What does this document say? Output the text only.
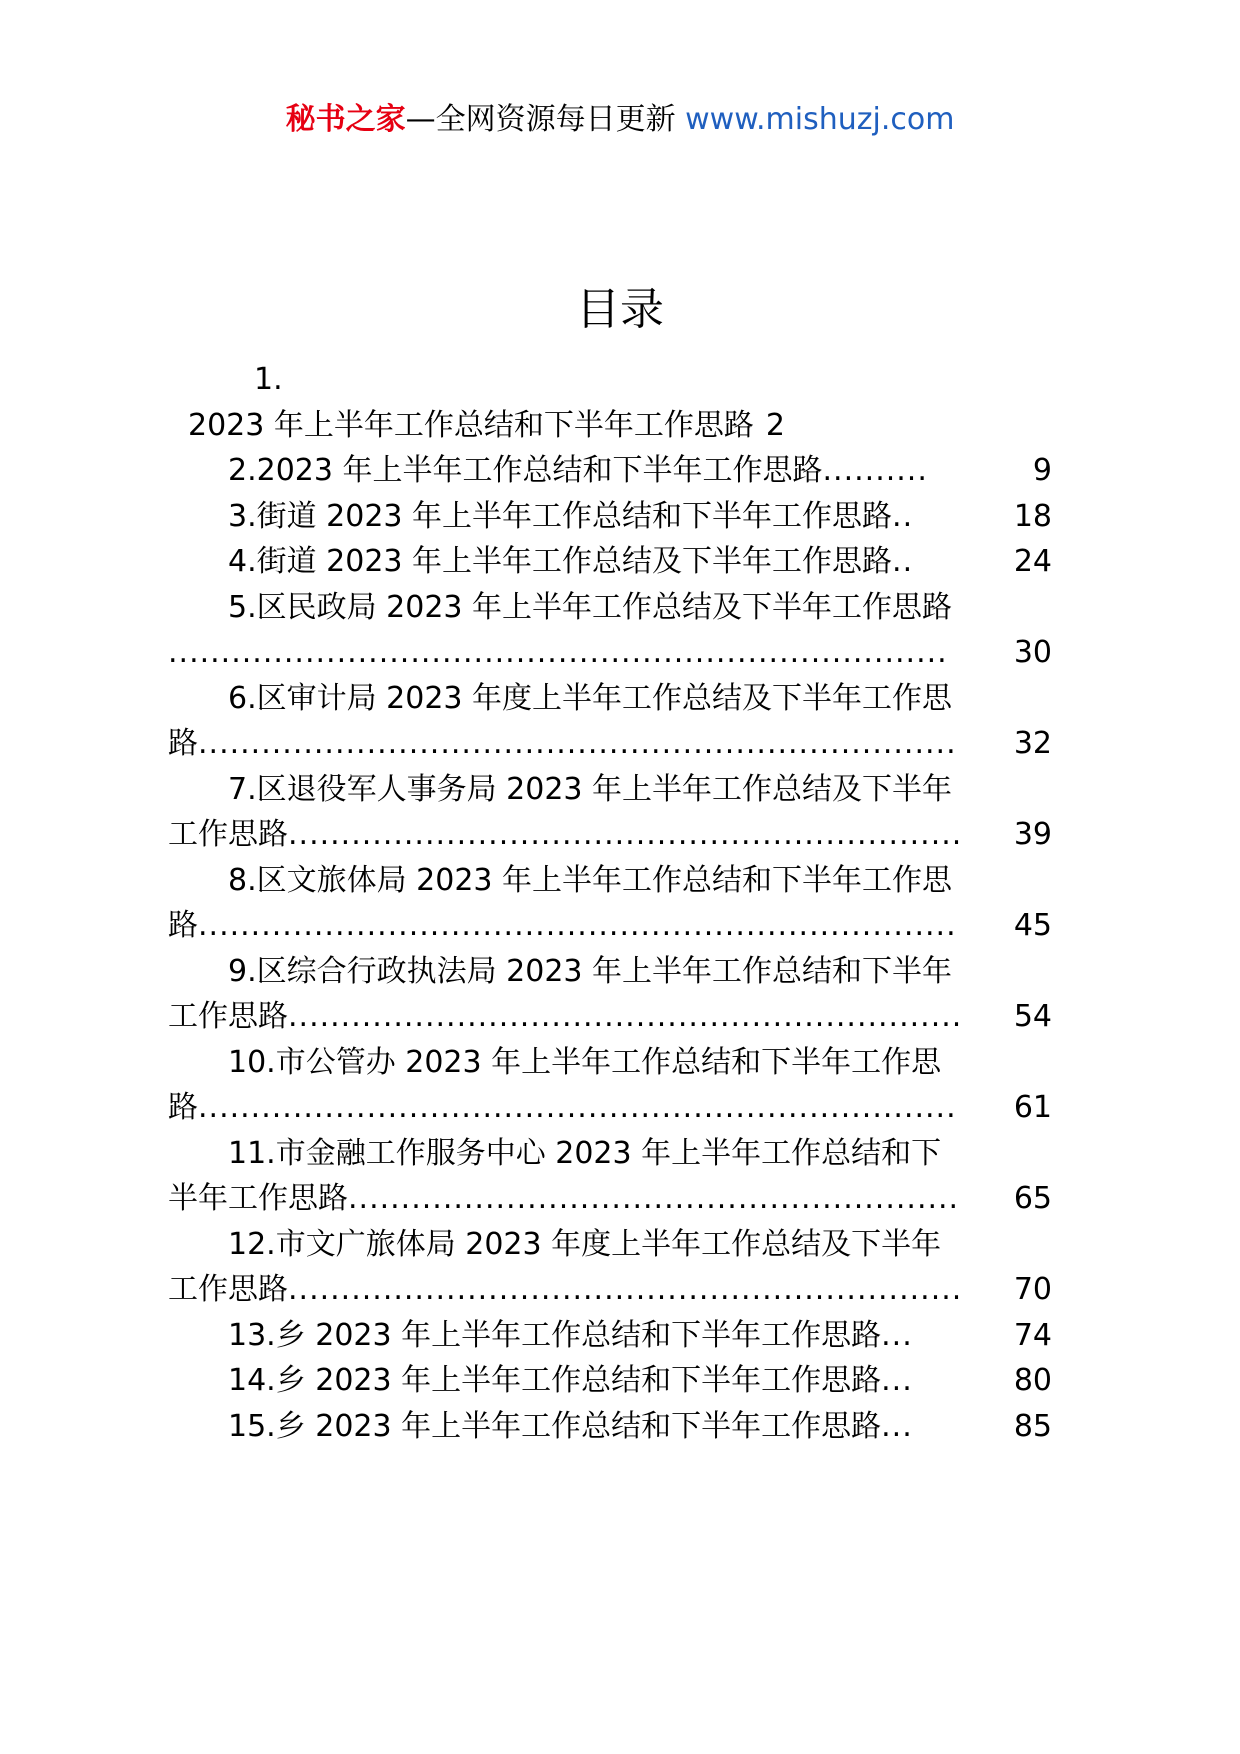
秘书之家—全网资源每日更新 www.mishuzj.com
目录
1.
2023 年上半年工作总结和下半年工作思路 2
2.2023 年上半年工作总结和下半年工作思路 ..........	9
3.街道 2023 年上半年工作总结和下半年工作思路 ..	18
4.街道 2023 年上半年工作总结及下半年工作思路 ..	24
5.区民政局 2023 年上半年工作总结及下半年工作思路
..........................................................................	30
6.区审计局 2023 年度上半年工作总结及下半年工作思
路 ........................................................................	32
7.区退役军人事务局 2023 年上半年工作总结及下半年
工作思路 ................................................................	39
8.区文旅体局 2023 年上半年工作总结和下半年工作思
路 ........................................................................	45
9.区综合行政执法局 2023 年上半年工作总结和下半年
工作思路 ................................................................	54
10.市公管办 2023 年上半年工作总结和下半年工作思
路 ........................................................................	61
11.市金融工作服务中心 2023 年上半年工作总结和下
半年工作思路 ..........................................................	65
12.市文广旅体局 2023 年度上半年工作总结及下半年
工作思路 ................................................................	70
13.乡 2023 年上半年工作总结和下半年工作思路 ...	74
14.乡 2023 年上半年工作总结和下半年工作思路 ...	80
15.乡 2023 年上半年工作总结和下半年工作思路 ...	85
